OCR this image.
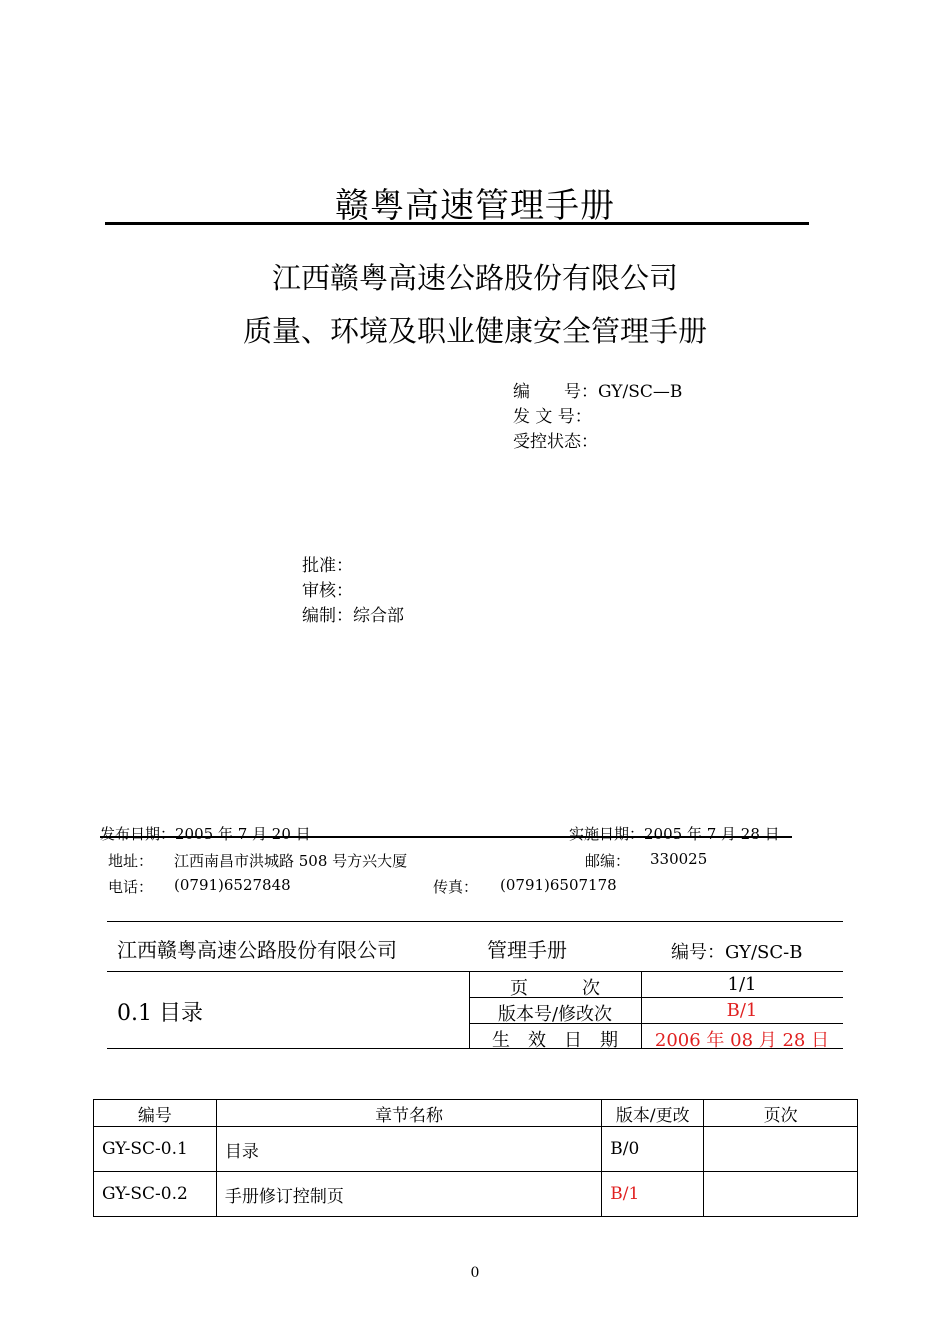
赣粤高速管理手册
江西赣粤高速公路股份有限公司
质量、环境及职业健康安全管理手册
编　　号：GY/SC—B
发 文 号：
受控状态：
批准：
审核：
编制：综合部
发布日期：2005 年 7 月 20 日	实施日期：2005 年 7 月 28 日
地址： 江西南昌市洪城路 508 号方兴大厦	邮编： 330025
电话： (0791)6527848	传真： (0791)6507178
江西赣粤高速公路股份有限公司	管理手册	编号：GY/SC-B
0.1 目录
页　　　次	1/1
版本号/修改次	B/1
生　效　日　期	2006 年 08 月 28 日
编号	章节名称	版本/更改	页次
GY-SC-0.1	目录	B/0	
GY-SC-0.2	手册修订控制页	B/1	
0
